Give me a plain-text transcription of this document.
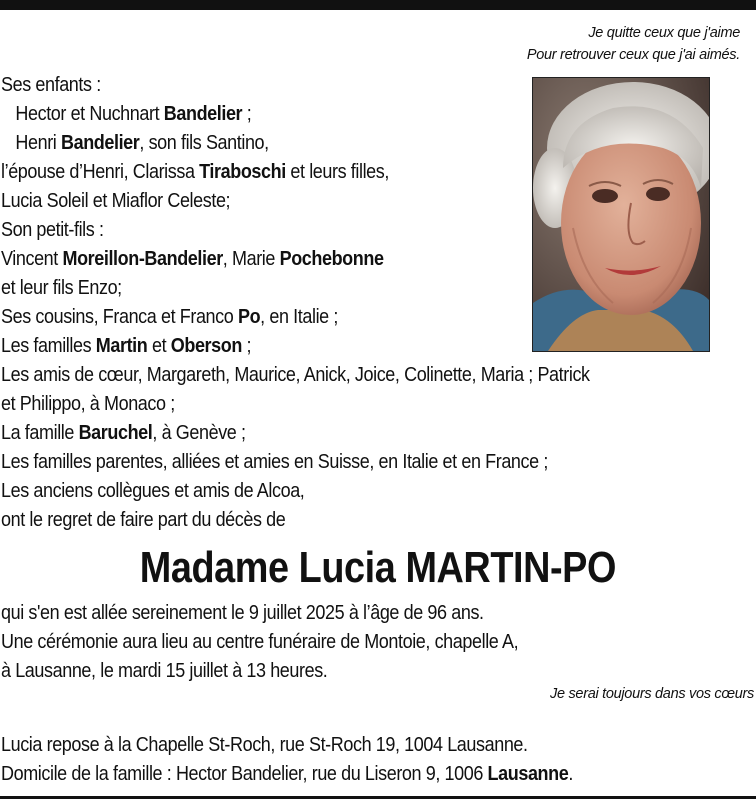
Je quitte ceux que j'aime
Pour retrouver ceux que j'ai aimés.
Ses enfants :
Hector et Nuchnart Bandelier ;
Henri Bandelier, son fils Santino,
l’épouse d’Henri, Clarissa Tiraboschi et leurs filles,
Lucia Soleil et Miaflor Celeste;
Son petit-fils :
Vincent Moreillon-Bandelier, Marie Pochebonne
et leur fils Enzo;
Ses cousins, Franca et Franco Po, en Italie ;
Les familles Martin et Oberson ;
Les amis de cœur, Margareth, Maurice, Anick, Joice, Colinette, Maria ; Patrick
et Philippo, à Monaco ;
La famille Baruchel, à Genève ;
Les familles parentes, alliées et amies en Suisse, en Italie et en France ;
Les anciens collègues et amis de Alcoa,
ont le regret de faire part du décès de
Madame Lucia MARTIN-PO
qui s'en est allée sereinement le 9 juillet 2025 à l’âge de 96 ans.
Une cérémonie aura lieu au centre funéraire de Montoie, chapelle A,
à Lausanne, le mardi 15 juillet à 13 heures.
Je serai toujours dans vos cœurs
Lucia repose à la Chapelle St-Roch, rue St-Roch 19, 1004 Lausanne.
Domicile de la famille : Hector Bandelier, rue du Liseron 9, 1006 Lausanne.
